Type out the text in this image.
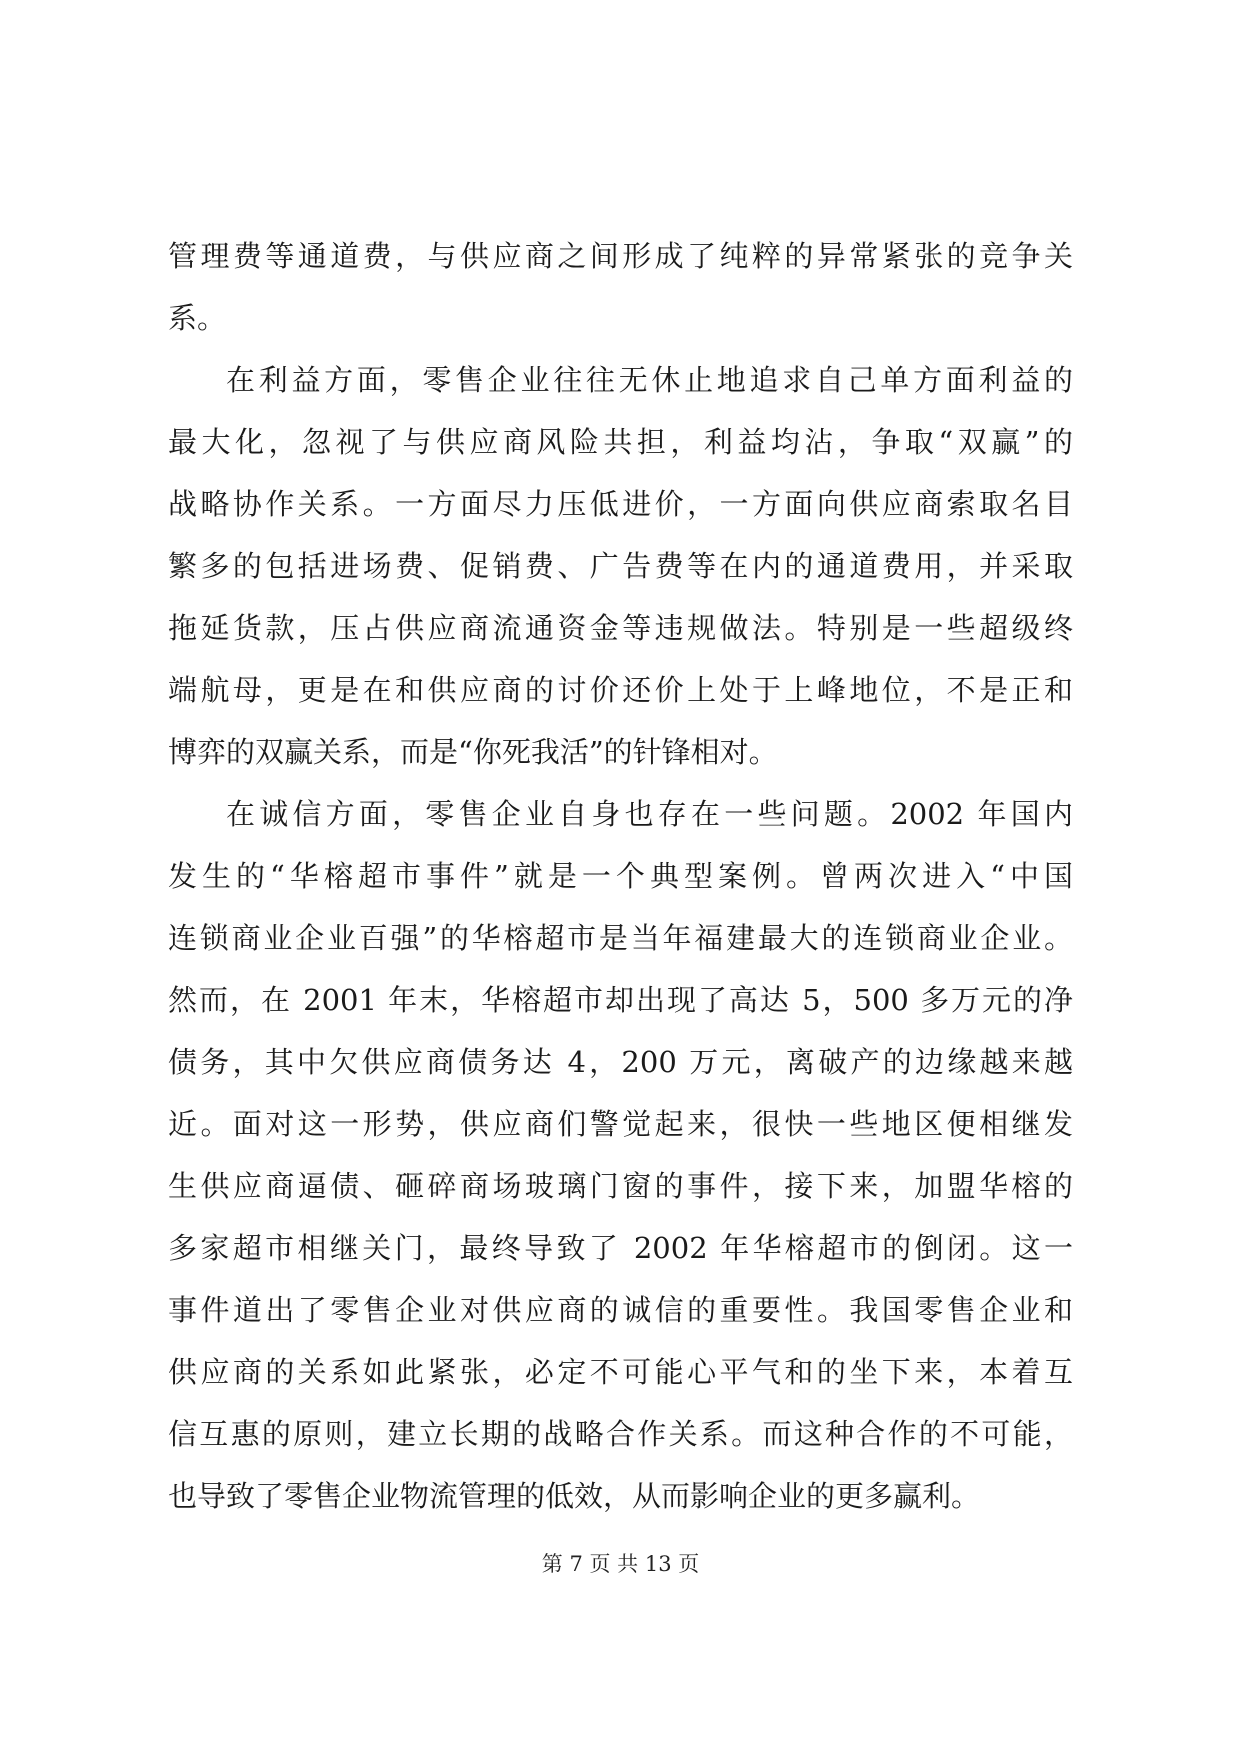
管理费等通道费，与供应商之间形成了纯粹的异常紧张的竞争关
系。
在利益方面，零售企业往往无休止地追求自己单方面利益的
最大化，忽视了与供应商风险共担，利益均沾，争取“双赢”的
战略协作关系。一方面尽力压低进价，一方面向供应商索取名目
繁多的包括进场费、促销费、广告费等在内的通道费用，并采取
拖延货款，压占供应商流通资金等违规做法。特别是一些超级终
端航母，更是在和供应商的讨价还价上处于上峰地位，不是正和
博弈的双赢关系，而是“你死我活”的针锋相对。
在诚信方面，零售企业自身也存在一些问题。2002 年国内
发生的“华榕超市事件”就是一个典型案例。曾两次进入“中国
连锁商业企业百强”的华榕超市是当年福建最大的连锁商业企业。
然而，在 2001 年末，华榕超市却出现了高达 5，500 多万元的净
债务，其中欠供应商债务达 4，200 万元，离破产的边缘越来越
近。面对这一形势，供应商们警觉起来，很快一些地区便相继发
生供应商逼债、砸碎商场玻璃门窗的事件，接下来，加盟华榕的
多家超市相继关门，最终导致了 2002 年华榕超市的倒闭。这一
事件道出了零售企业对供应商的诚信的重要性。我国零售企业和
供应商的关系如此紧张，必定不可能心平气和的坐下来，本着互
信互惠的原则，建立长期的战略合作关系。而这种合作的不可能，
也导致了零售企业物流管理的低效，从而影响企业的更多赢利。
第 7 页 共 13 页
